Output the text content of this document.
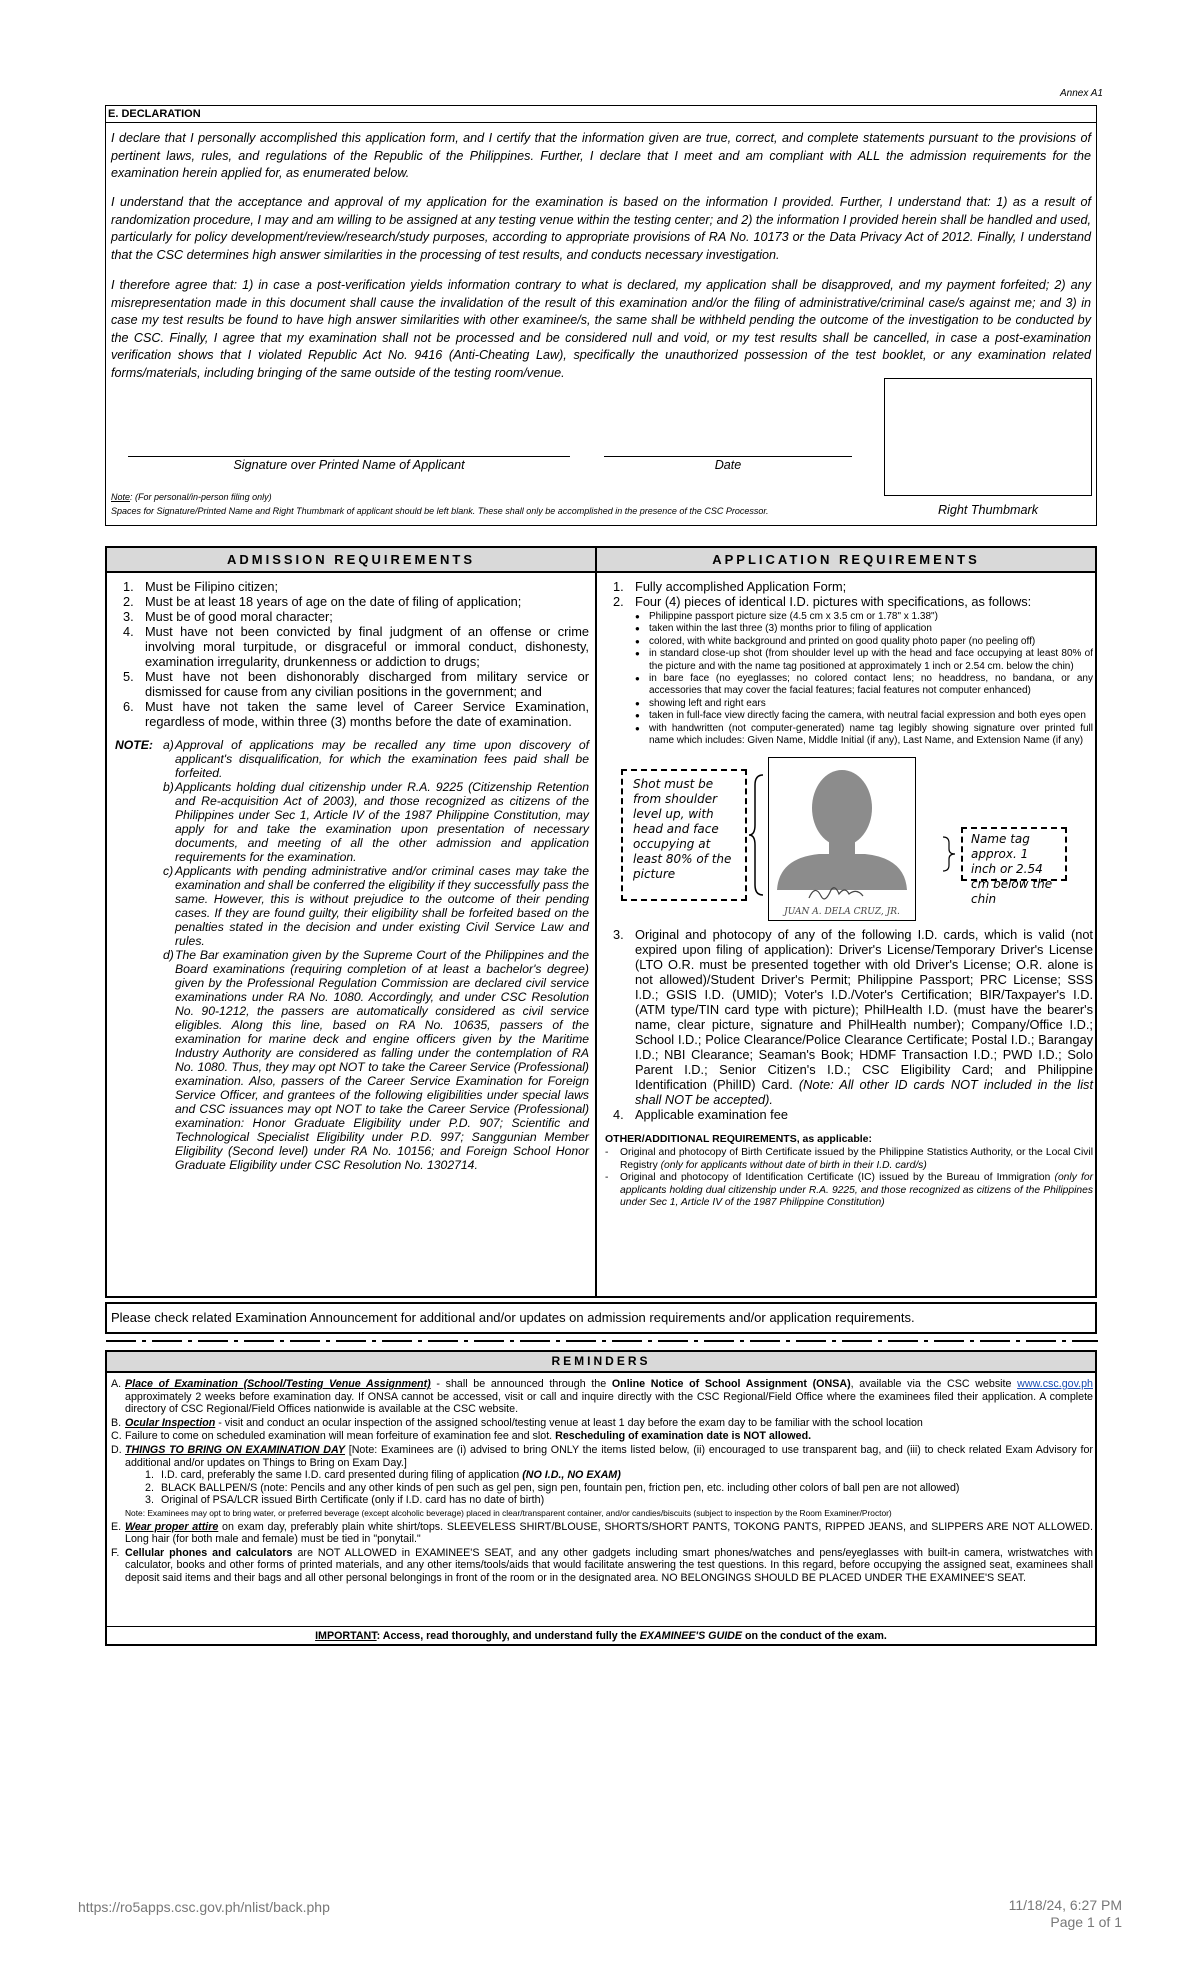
Annex A1
E. DECLARATION
I declare that I personally accomplished this application form, and I certify that the information given are true, correct, and complete statements pursuant to the provisions of pertinent laws, rules, and regulations of the Republic of the Philippines. Further, I declare that I meet and am compliant with ALL the admission requirements for the examination herein applied for, as enumerated below.
I understand that the acceptance and approval of my application for the examination is based on the information I provided. Further, I understand that: 1) as a result of randomization procedure, I may and am willing to be assigned at any testing venue within the testing center; and 2) the information I provided herein shall be handled and used, particularly for policy development/review/research/study purposes, according to appropriate provisions of RA No. 10173 or the Data Privacy Act of 2012. Finally, I understand that the CSC determines high answer similarities in the processing of test results, and conducts necessary investigation.
I therefore agree that: 1) in case a post-verification yields information contrary to what is declared, my application shall be disapproved, and my payment forfeited; 2) any misrepresentation made in this document shall cause the invalidation of the result of this examination and/or the filing of administrative/criminal case/s against me; and 3) in case my test results be found to have high answer similarities with other examinee/s, the same shall be withheld pending the outcome of the investigation to be conducted by the CSC. Finally, I agree that my examination shall not be processed and be considered null and void, or my test results shall be cancelled, in case a post-examination verification shows that I violated Republic Act No. 9416 (Anti-Cheating Law), specifically the unauthorized possession of the test booklet, or any examination related forms/materials, including bringing of the same outside of the testing room/venue.
Signature over Printed Name of Applicant	Date
Right Thumbmark
Note: (For personal/in-person filing only)
Spaces for Signature/Printed Name and Right Thumbmark of applicant should be left blank. These shall only be accomplished in the presence of the CSC Processor.
ADMISSION REQUIREMENTS	APPLICATION REQUIREMENTS
1. Must be Filipino citizen;
2. Must be at least 18 years of age on the date of filing of application;
3. Must be of good moral character;
4. Must have not been convicted by final judgment of an offense or crime involving moral turpitude, or disgraceful or immoral conduct, dishonesty, examination irregularity, drunkenness or addiction to drugs;
5. Must have not been dishonorably discharged from military service or dismissed for cause from any civilian positions in the government; and
6. Must have not taken the same level of Career Service Examination, regardless of mode, within three (3) months before the date of examination.
NOTE: a) Approval of applications may be recalled any time upon discovery of applicant's disqualification, for which the examination fees paid shall be forfeited.
b) Applicants holding dual citizenship under R.A. 9225 (Citizenship Retention and Re-acquisition Act of 2003), and those recognized as citizens of the Philippines under Sec 1, Article IV of the 1987 Philippine Constitution, may apply for and take the examination upon presentation of necessary documents, and meeting of all the other admission and application requirements for the examination.
c) Applicants with pending administrative and/or criminal cases may take the examination and shall be conferred the eligibility if they successfully pass the same. However, this is without prejudice to the outcome of their pending cases. If they are found guilty, their eligibility shall be forfeited based on the penalties stated in the decision and under existing Civil Service Law and rules.
d) The Bar examination given by the Supreme Court of the Philippines and the Board examinations (requiring completion of at least a bachelor's degree) given by the Professional Regulation Commission are declared civil service examinations under RA No. 1080. Accordingly, and under CSC Resolution No. 90-1212, the passers are automatically considered as civil service eligibles. Along this line, based on RA No. 10635, passers of the examination for marine deck and engine officers given by the Maritime Industry Authority are considered as falling under the contemplation of RA No. 1080. Thus, they may opt NOT to take the Career Service (Professional) examination. Also, passers of the Career Service Examination for Foreign Service Officer, and grantees of the following eligibilities under special laws and CSC issuances may opt NOT to take the Career Service (Professional) examination: Honor Graduate Eligibility under P.D. 907; Scientific and Technological Specialist Eligibility under P.D. 997; Sanggunian Member Eligibility (Second level) under RA No. 10156; and Foreign School Honor Graduate Eligibility under CSC Resolution No. 1302714.
1. Fully accomplished Application Form;
2. Four (4) pieces of identical I.D. pictures with specifications, as follows:
● Philippine passport picture size (4.5 cm x 3.5 cm or 1.78" x 1.38")
● taken within the last three (3) months prior to filing of application
● colored, with white background and printed on good quality photo paper (no peeling off)
● in standard close-up shot (from shoulder level up with the head and face occupying at least 80% of the picture and with the name tag positioned at approximately 1 inch or 2.54 cm. below the chin)
● in bare face (no eyeglasses; no colored contact lens; no headdress, no bandana, or any accessories that may cover the facial features; facial features not computer enhanced)
● showing left and right ears
● taken in full-face view directly facing the camera, with neutral facial expression and both eyes open
● with handwritten (not computer-generated) name tag legibly showing signature over printed full name which includes: Given Name, Middle Initial (if any), Last Name, and Extension Name (if any)
Shot must be from shoulder level up, with head and face occupying at least 80% of the picture
JUAN A. DELA CRUZ, JR.
Name tag approx. 1 inch or 2.54 cm below the chin
3. Original and photocopy of any of the following I.D. cards, which is valid (not expired upon filing of application): Driver's License/Temporary Driver's License (LTO O.R. must be presented together with old Driver's License; O.R. alone is not allowed)/Student Driver's Permit; Philippine Passport; PRC License; SSS I.D.; GSIS I.D. (UMID); Voter's I.D./Voter's Certification; BIR/Taxpayer's I.D. (ATM type/TIN card type with picture); PhilHealth I.D. (must have the bearer's name, clear picture, signature and PhilHealth number); Company/Office I.D.; School I.D.; Police Clearance/Police Clearance Certificate; Postal I.D.; Barangay I.D.; NBI Clearance; Seaman's Book; HDMF Transaction I.D.; PWD I.D.; Solo Parent I.D.; Senior Citizen's I.D.; CSC Eligibility Card; and Philippine Identification (PhilID) Card. (Note: All other ID cards NOT included in the list shall NOT be accepted).
4. Applicable examination fee
OTHER/ADDITIONAL REQUIREMENTS, as applicable:
- Original and photocopy of Birth Certificate issued by the Philippine Statistics Authority, or the Local Civil Registry (only for applicants without date of birth in their I.D. card/s)
- Original and photocopy of Identification Certificate (IC) issued by the Bureau of Immigration (only for applicants holding dual citizenship under R.A. 9225, and those recognized as citizens of the Philippines under Sec 1, Article IV of the 1987 Philippine Constitution)
Please check related Examination Announcement for additional and/or updates on admission requirements and/or application requirements.
REMINDERS
A. Place of Examination (School/Testing Venue Assignment) - shall be announced through the Online Notice of School Assignment (ONSA), available via the CSC website www.csc.gov.ph approximately 2 weeks before examination day. If ONSA cannot be accessed, visit or call and inquire directly with the CSC Regional/Field Office where the examinees filed their application. A complete directory of CSC Regional/Field Offices nationwide is available at the CSC website.
B. Ocular Inspection - visit and conduct an ocular inspection of the assigned school/testing venue at least 1 day before the exam day to be familiar with the school location
C. Failure to come on scheduled examination will mean forfeiture of examination fee and slot. Rescheduling of examination date is NOT allowed.
D. THINGS TO BRING ON EXAMINATION DAY [Note: Examinees are (i) advised to bring ONLY the items listed below, (ii) encouraged to use transparent bag, and (iii) to check related Exam Advisory for additional and/or updates on Things to Bring on Exam Day.]
1. I.D. card, preferably the same I.D. card presented during filing of application (NO I.D., NO EXAM)
2. BLACK BALLPEN/S (note: Pencils and any other kinds of pen such as gel pen, sign pen, fountain pen, friction pen, etc. including other colors of ball pen are not allowed)
3. Original of PSA/LCR issued Birth Certificate (only if I.D. card has no date of birth)
Note: Examinees may opt to bring water, or preferred beverage (except alcoholic beverage) placed in clear/transparent container, and/or candies/biscuits (subject to inspection by the Room Examiner/Proctor)
E. Wear proper attire on exam day, preferably plain white shirt/tops. SLEEVELESS SHIRT/BLOUSE, SHORTS/SHORT PANTS, TOKONG PANTS, RIPPED JEANS, and SLIPPERS ARE NOT ALLOWED. Long hair (for both male and female) must be tied in "ponytail."
F. Cellular phones and calculators are NOT ALLOWED in EXAMINEE'S SEAT, and any other gadgets including smart phones/watches and pens/eyeglasses with built-in camera, wristwatches with calculator, books and other forms of printed materials, and any other items/tools/aids that would facilitate answering the test questions. In this regard, before occupying the assigned seat, examinees shall deposit said items and their bags and all other personal belongings in front of the room or in the designated area. NO BELONGINGS SHOULD BE PLACED UNDER THE EXAMINEE'S SEAT.
IMPORTANT: Access, read thoroughly, and understand fully the EXAMINEE'S GUIDE on the conduct of the exam.
https://ro5apps.csc.gov.ph/nlist/back.php	11/18/24, 6:27 PM
Page 1 of 1
